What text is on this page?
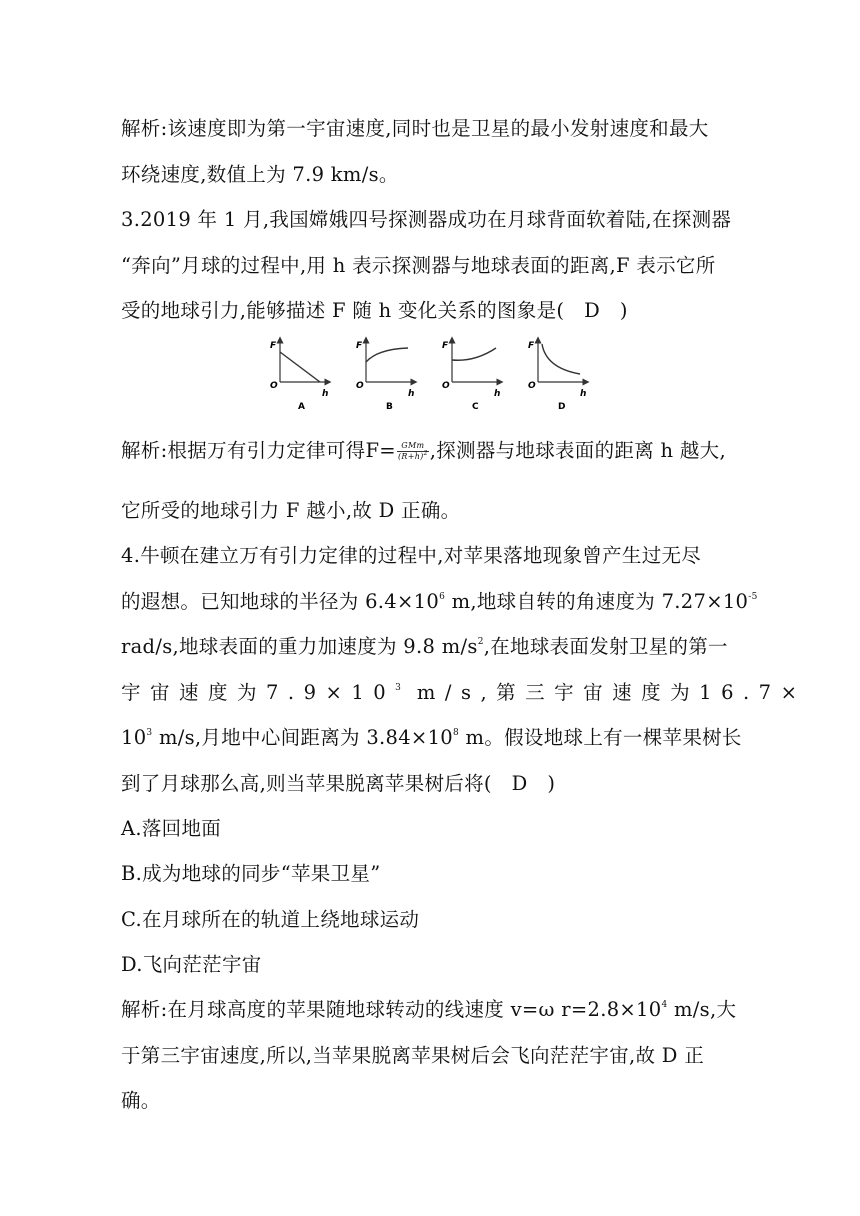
解析:该速度即为第一宇宙速度,同时也是卫星的最小发射速度和最大
环绕速度,数值上为 7.9 km/s。
3.2019 年 1 月,我国嫦娥四号探测器成功在月球背面软着陆,在探测器
“奔向”月球的过程中,用 h 表示探测器与地球表面的距离,F 表示它所
受的地球引力,能够描述 F 随 h 变化关系的图象是(　D　)
F
O
h
A
F
O
h
B
F
O
h
C
F
O
h
D
解析:根据万有引力定律可得$F= \frac{\text{GMm}}{(R+h)^2}$ ,探测器与地球表面的距离 h 越大,
它所受的地球引力 F 越小,故 D 正确。
4.牛顿在建立万有引力定律的过程中,对苹果落地现象曾产生过无尽
的遐想。已知地球的半径为 $6.4\times 10^6$ m,地球自转的角速度为 $7.27\times 10^{-5}$
rad/s,地球表面的重力加速度为 9.8 $m/s^2$,在地球表面发射卫星的第一
宇宙速度为$7.9\times 10^3$ m/s,第三宇宙速度为16.7×
$10^3$ m/s,月地中心间距离为 $3.84\times 10^8$ m。假设地球上有一棵苹果树长
到了月球那么高,则当苹果脱离苹果树后将(　D　)
A.落回地面
B.成为地球的同步“苹果卫星”
C.在月球所在的轨道上绕地球运动
D.飞向茫茫宇宙
解析:在月球高度的苹果随地球转动的线速度 v=ω $r=2.8\times 10^4$ m/s,大
于第三宇宙速度,所以,当苹果脱离苹果树后会飞向茫茫宇宙,故 D 正
确。
